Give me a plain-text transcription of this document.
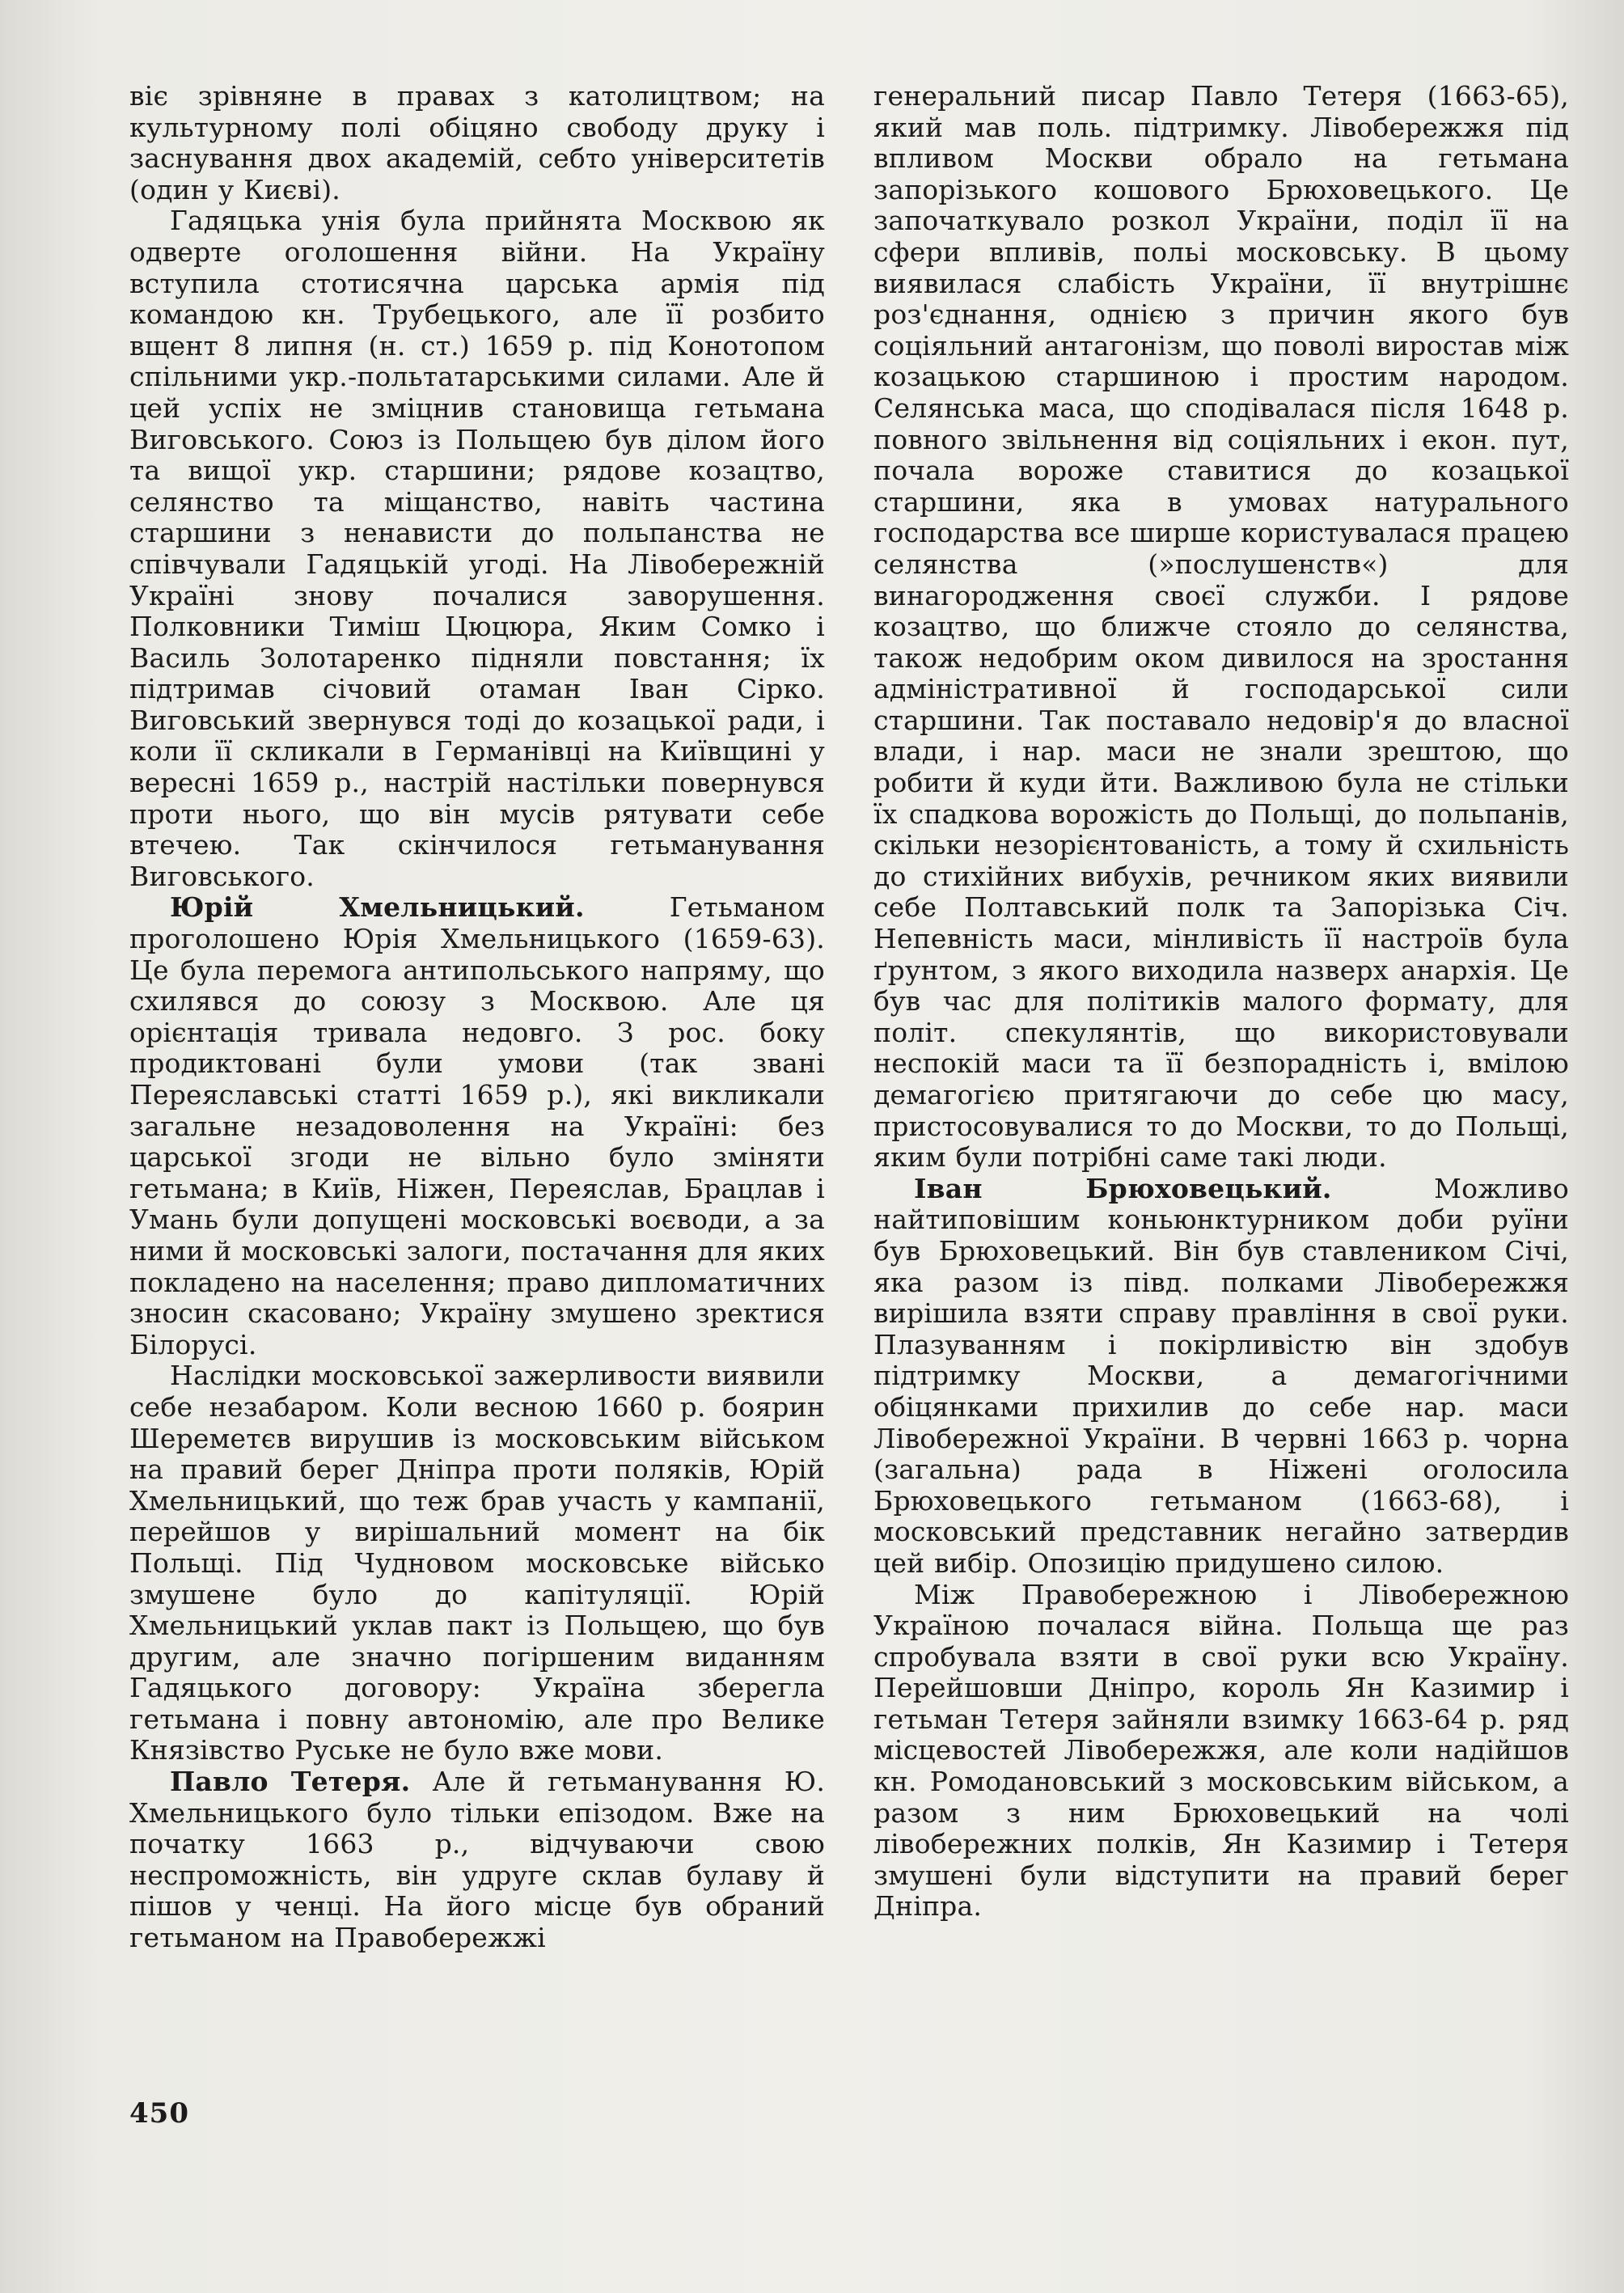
віє зрівняне в правах з католицтвом; на культурному полі обіцяно свободу друку і заснування двох академій, себто університетів (один у Києві).

Гадяцька унія була прийнята Москвою як одверте оголошення війни. На Україну вступила стотисячна царська армія під командою кн. Трубецького, але її розбито вщент 8 липня (н. ст.) 1659 р. під Конотопом спільними укр.-польтатарськими силами. Але й цей успіх не зміцнив становища гетьмана Виговського. Союз із Польщею був ділом його та вищої укр. старшини; рядове козацтво, селянство та міщанство, навіть частина старшини з ненависти до польпанства не співчували Гадяцькій угоді. На Лівобережній Україні знову почалися заворушення. Полковники Тиміш Цюцюра, Яким Сомко і Василь Золотаренко підняли повстання; їх підтримав січовий отаман Іван Сірко. Виговський звернувся тоді до козацької ради, і коли її скликали в Германівці на Київщині у вересні 1659 р., настрій настільки повернувся проти нього, що він мусів рятувати себе втечею. Так скінчилося гетьманування Виговського.

Юрій Хмельницький.	Гетьманом проголошено Юрія Хмельницького (1659-63). Це була перемога антипольського напряму, що схилявся до союзу з Москвою. Але ця орієнтація тривала недовго. З рос. боку продиктовані були умови (так звані Переяславські статті 1659 р.), які викликали загальне незадоволення на Україні: без царської згоди не вільно було зміняти гетьмана; в Київ, Ніжен, Переяслав, Брацлав і Умань були допущені московські воєводи, а за ними й московські залоги, постачання для яких покладено на населення; право дипломатичних зносин скасовано; Україну змушено зректися Білорусі.

Наслідки московської зажерливости виявили себе незабаром. Коли весною 1660 р. боярин Шереметєв вирушив із московським військом на правий берег Дніпра проти поляків, Юрій Хмельницький, що теж брав участь у кампанії, перейшов у вирішальний момент на бік Польщі. Під Чудновом московське військо змушене було до капітуляції. Юрій Хмельницький уклав пакт із Польщею, що був другим, але значно погіршеним виданням Гадяцького договору: Україна зберегла гетьмана і повну автономію, але про Велике Князівство Руське не було вже мови.

Павло Тетеря. Але й гетьманування Ю. Хмельницького було тільки епізодом. Вже на початку 1663 р., відчуваючи свою неспроможність, він удруге склав булаву й пішов у ченці. На його місце був обраний гетьманом на Правобережжі

генеральний писар Павло Тетеря (1663-65), який мав поль. підтримку. Лівобережжя під впливом Москви обрало на гетьмана запорізького кошового Брюховецького. Це започаткувало розкол України, поділ її на сфери впливів, польі московську. В цьому виявилася слабість України, її внутрішнє роз'єднання, однією з причин якого був соціяльний антагонізм, що поволі виростав між козацькою старшиною і простим народом. Селянська маса, що сподівалася після 1648 р. повного звільнення від соціяльних і екон. пут, почала вороже ставитися до козацької старшини, яка в умовах натурального господарства все ширше користувалася працею селянства (»послушенств«) для винагородження своєї служби. І рядове козацтво, що ближче стояло до селянства, також недобрим оком дивилося на зростання адміністративної й господарської сили старшини. Так поставало недовір'я до власної влади, і нар. маси не знали зрештою, що робити й куди йти. Важливою була не стільки їх спадкова ворожість до Польщі, до польпанів, скільки незорієнтованість, а тому й схильність до стихійних вибухів, речником яких виявили себе Полтавський полк та Запорізька Січ. Непевність маси, мінливість її настроїв була ґрунтом, з якого виходила назверх анархія. Це був час для політиків малого формату, для політ. спекулянтів, що використовували неспокій маси та її безпорадність і, вмілою демагогією притягаючи до себе цю масу, пристосовувалися то до Москви, то до Польщі, яким були потрібні саме такі люди.

Іван Брюховецький.	Можливо найтиповішим коньюнктурником доби руїни був Брюховецький. Він був ставлеником Січі, яка разом із півд. полками Лівобережжя вирішила взяти справу правління в свої руки. Плазуванням і покірливістю він здобув підтримку Москви, а демагогічними обіцянками прихилив до себе нар. маси Лівобережної України. В червні 1663 р. чорна (загальна) рада в Ніжені оголосила Брюховецького гетьманом (1663-68), і московський представник негайно затвердив цей вибір. Опозицію придушено силою.

Між Правобережною і Лівобережною Україною почалася війна. Польща ще раз спробувала взяти в свої руки всю Україну. Перейшовши Дніпро, король Ян Казимир і гетьман Тетеря зайняли взимку 1663-64 р. ряд місцевостей Лівобережжя, але коли надійшов кн. Ромодановський з московським військом, а разом з ним Брюховецький на чолі лівобережних полків, Ян Казимир і Тетеря змушені були відступити на правий берег Дніпра.

450
